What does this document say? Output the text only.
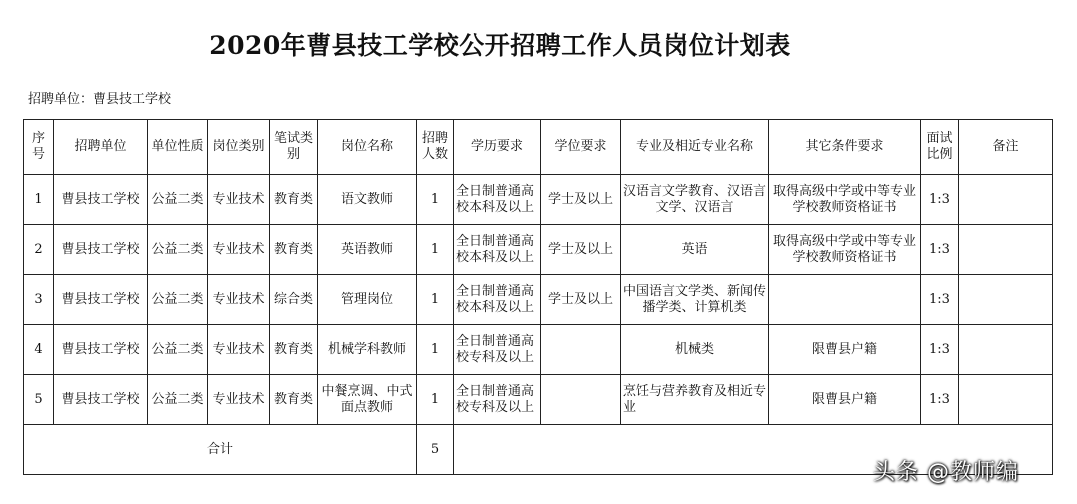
2020年曹县技工学校公开招聘工作人员岗位计划表
招聘单位：曹县技工学校
序号	招聘单位	单位性质	岗位类别	笔试类别	岗位名称	招聘人数	学历要求	学位要求	专业及相近专业名称	其它条件要求	面试比例	备注
1	曹县技工学校	公益二类	专业技术	教育类	语文教师	1	全日制普通高校本科及以上	学士及以上	汉语言文学教育、汉语言文学、汉语言	取得高级中学或中等专业学校教师资格证书	1:3	
2	曹县技工学校	公益二类	专业技术	教育类	英语教师	1	全日制普通高校本科及以上	学士及以上	英语	取得高级中学或中等专业学校教师资格证书	1:3	
3	曹县技工学校	公益二类	专业技术	综合类	管理岗位	1	全日制普通高校本科及以上	学士及以上	中国语言文学类、新闻传播学类、计算机类		1:3	
4	曹县技工学校	公益二类	专业技术	教育类	机械学科教师	1	全日制普通高校专科及以上		机械类	限曹县户籍	1:3	
5	曹县技工学校	公益二类	专业技术	教育类	中餐烹调、中式面点教师	1	全日制普通高校专科及以上		烹饪与营养教育及相近专业	限曹县户籍	1:3	
合计						5						
头条 @教师编
